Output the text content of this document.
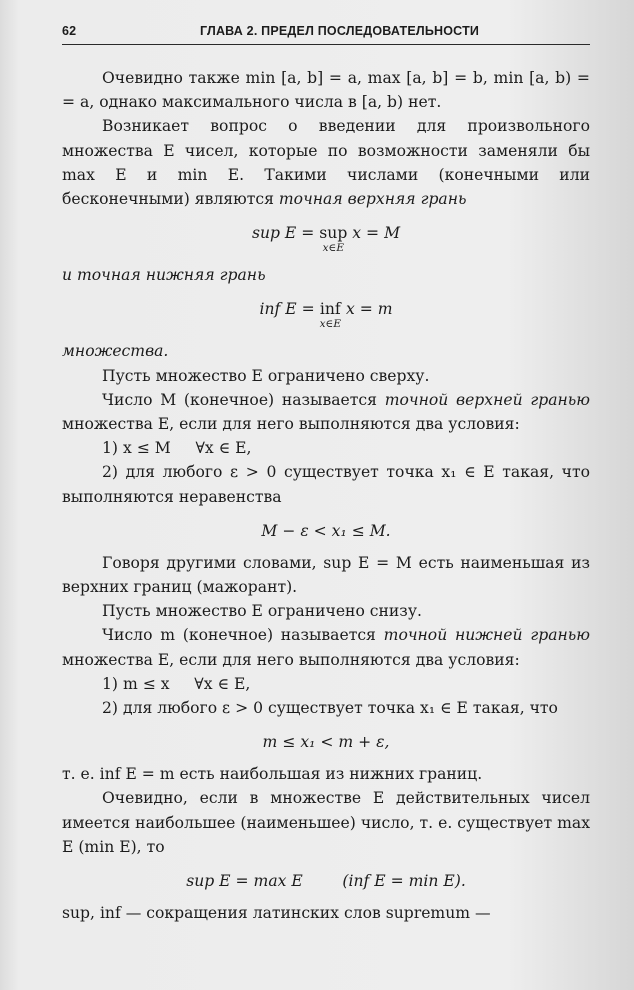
62	ГЛАВА 2. ПРЕДЕЛ ПОСЛЕДОВАТЕЛЬНОСТИ

Очевидно также min [a, b] = a, max [a, b] = b, min [a, b) = = a, однако максимального числа в [a, b) нет.

Возникает вопрос о введении для произвольного множества E чисел, которые по возможности заменяли бы max E и min E. Такими числами (конечными или бесконечными) являются точная верхняя грань

sup E = sup
x∈E
x = M

и точная нижняя грань

inf E = inf
x∈E
x = m

множества.

Пусть множество E ограничено сверху.

Число M (конечное) называется точной верхней гранью множества E, если для него выполняются два условия:

1) x ≤ M     ∀x ∈ E,

2) для любого ε > 0 существует точка x₁ ∈ E такая, что выполняются неравенства

M − ε < x₁ ≤ M.

Говоря другими словами, sup E = M есть наименьшая из верхних границ (мажорант).

Пусть множество E ограничено снизу.

Число m (конечное) называется точной нижней гранью множества E, если для него выполняются два условия:

1) m ≤ x     ∀x ∈ E,

2) для любого ε > 0 существует точка x₁ ∈ E такая, что

m ≤ x₁ < m + ε,

т. е. inf E = m есть наибольшая из нижних границ.

Очевидно, если в множестве E действительных чисел имеется наибольшее (наименьшее) число, т. е. существует max E (min E), то

sup E = max E        (inf E = min E).

sup, inf — сокращения латинских слов supremum —
